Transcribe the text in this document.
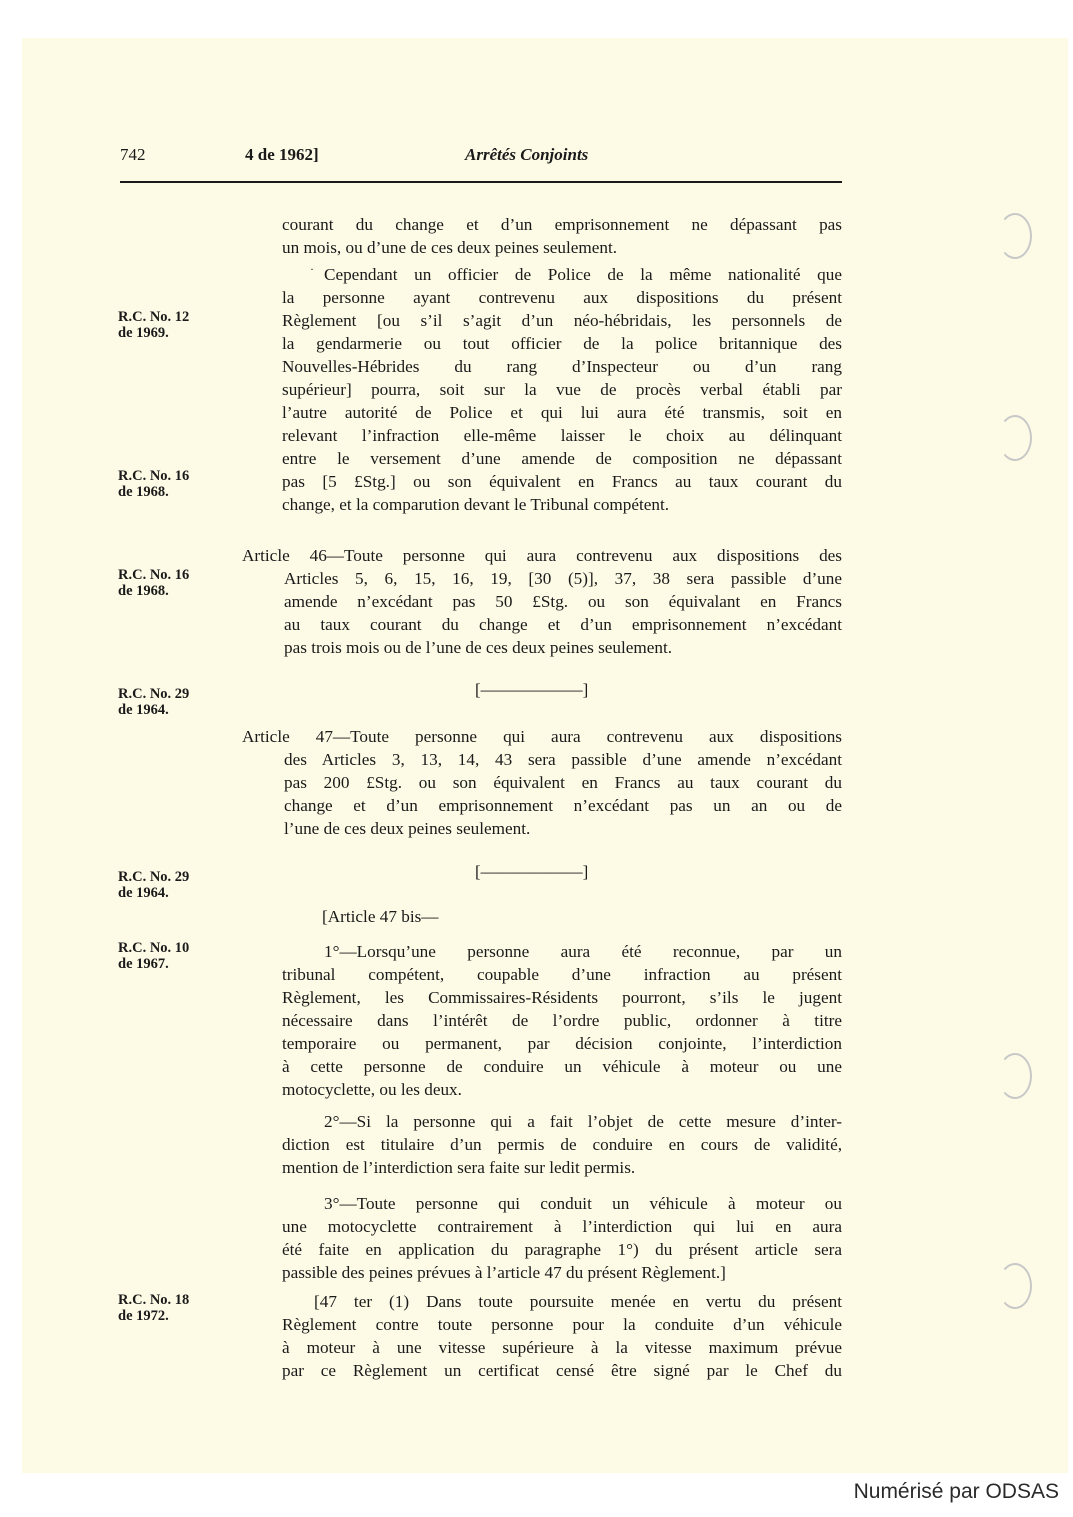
742	4 de 1962]	Arrêtés Conjoints
R.C. No. 12
de 1969.
R.C. No. 16
de 1968.
R.C. No. 16
de 1968.
R.C. No. 29
de 1964.
R.C. No. 29
de 1964.
R.C. No. 10
de 1967.
R.C. No. 18
de 1972.

courant du change et d’un emprisonnement ne dépassant pas

un mois, ou d’une de ces deux peines seulement.

· Cependant un officier de Police de la même nationalité que

la personne ayant contrevenu aux dispositions du présent

Règlement [ou s’il s’agit d’un néo-hébridais, les personnels de

la gendarmerie ou tout officier de la police britannique des

Nouvelles-Hébrides du rang d’Inspecteur ou d’un rang

supérieur] pourra, soit sur la vue de procès verbal établi par

l’autre autorité de Police et qui lui aura été transmis, soit en

relevant l’infraction elle-même laisser le choix au délinquant

entre le versement d’une amende de composition ne dépassant

pas [5 £Stg.] ou son équivalent en Francs au taux courant du

change, et la comparution devant le Tribunal compétent.

Article 46—Toute personne qui aura contrevenu aux dispositions des

Articles 5, 6, 15, 16, 19, [30 (5)], 37, 38 sera passible d’une

amende n’excédant pas 50 £Stg. ou son équivalant en Francs

au taux courant du change et d’un emprisonnement n’excédant

pas trois mois ou de l’une de ces deux peines seulement.

[——————]

Article 47—Toute personne qui aura contrevenu aux dispositions

des Articles 3, 13, 14, 43 sera passible d’une amende n’excédant

pas 200 £Stg. ou son équivalent en Francs au taux courant du

change et d’un emprisonnement n’excédant pas un an ou de

l’une de ces deux peines seulement.

[——————]
[Article 47 bis—

1°—Lorsqu’une personne aura été reconnue, par un

tribunal compétent, coupable d’une infraction au présent

Règlement, les Commissaires-Résidents pourront, s’ils le jugent

nécessaire dans l’intérêt de l’ordre public, ordonner à titre

temporaire ou permanent, par décision conjointe, l’interdiction

à cette personne de conduire un véhicule à moteur ou une

motocyclette, ou les deux.

2°—Si la personne qui a fait l’objet de cette mesure d’inter-

diction est titulaire d’un permis de conduire en cours de validité,

mention de l’interdiction sera faite sur ledit permis.

3°—Toute personne qui conduit un véhicule à moteur ou

une motocyclette contrairement à l’interdiction qui lui en aura

été faite en application du paragraphe 1°) du présent article sera

passible des peines prévues à l’article 47 du présent Règlement.]

[47 ter (1) Dans toute poursuite menée en vertu du présent

Règlement contre toute personne pour la conduite d’un véhicule

à moteur à une vitesse supérieure à la vitesse maximum prévue

par ce Règlement un certificat censé être signé par le Chef du

Numérisé par ODSAS
